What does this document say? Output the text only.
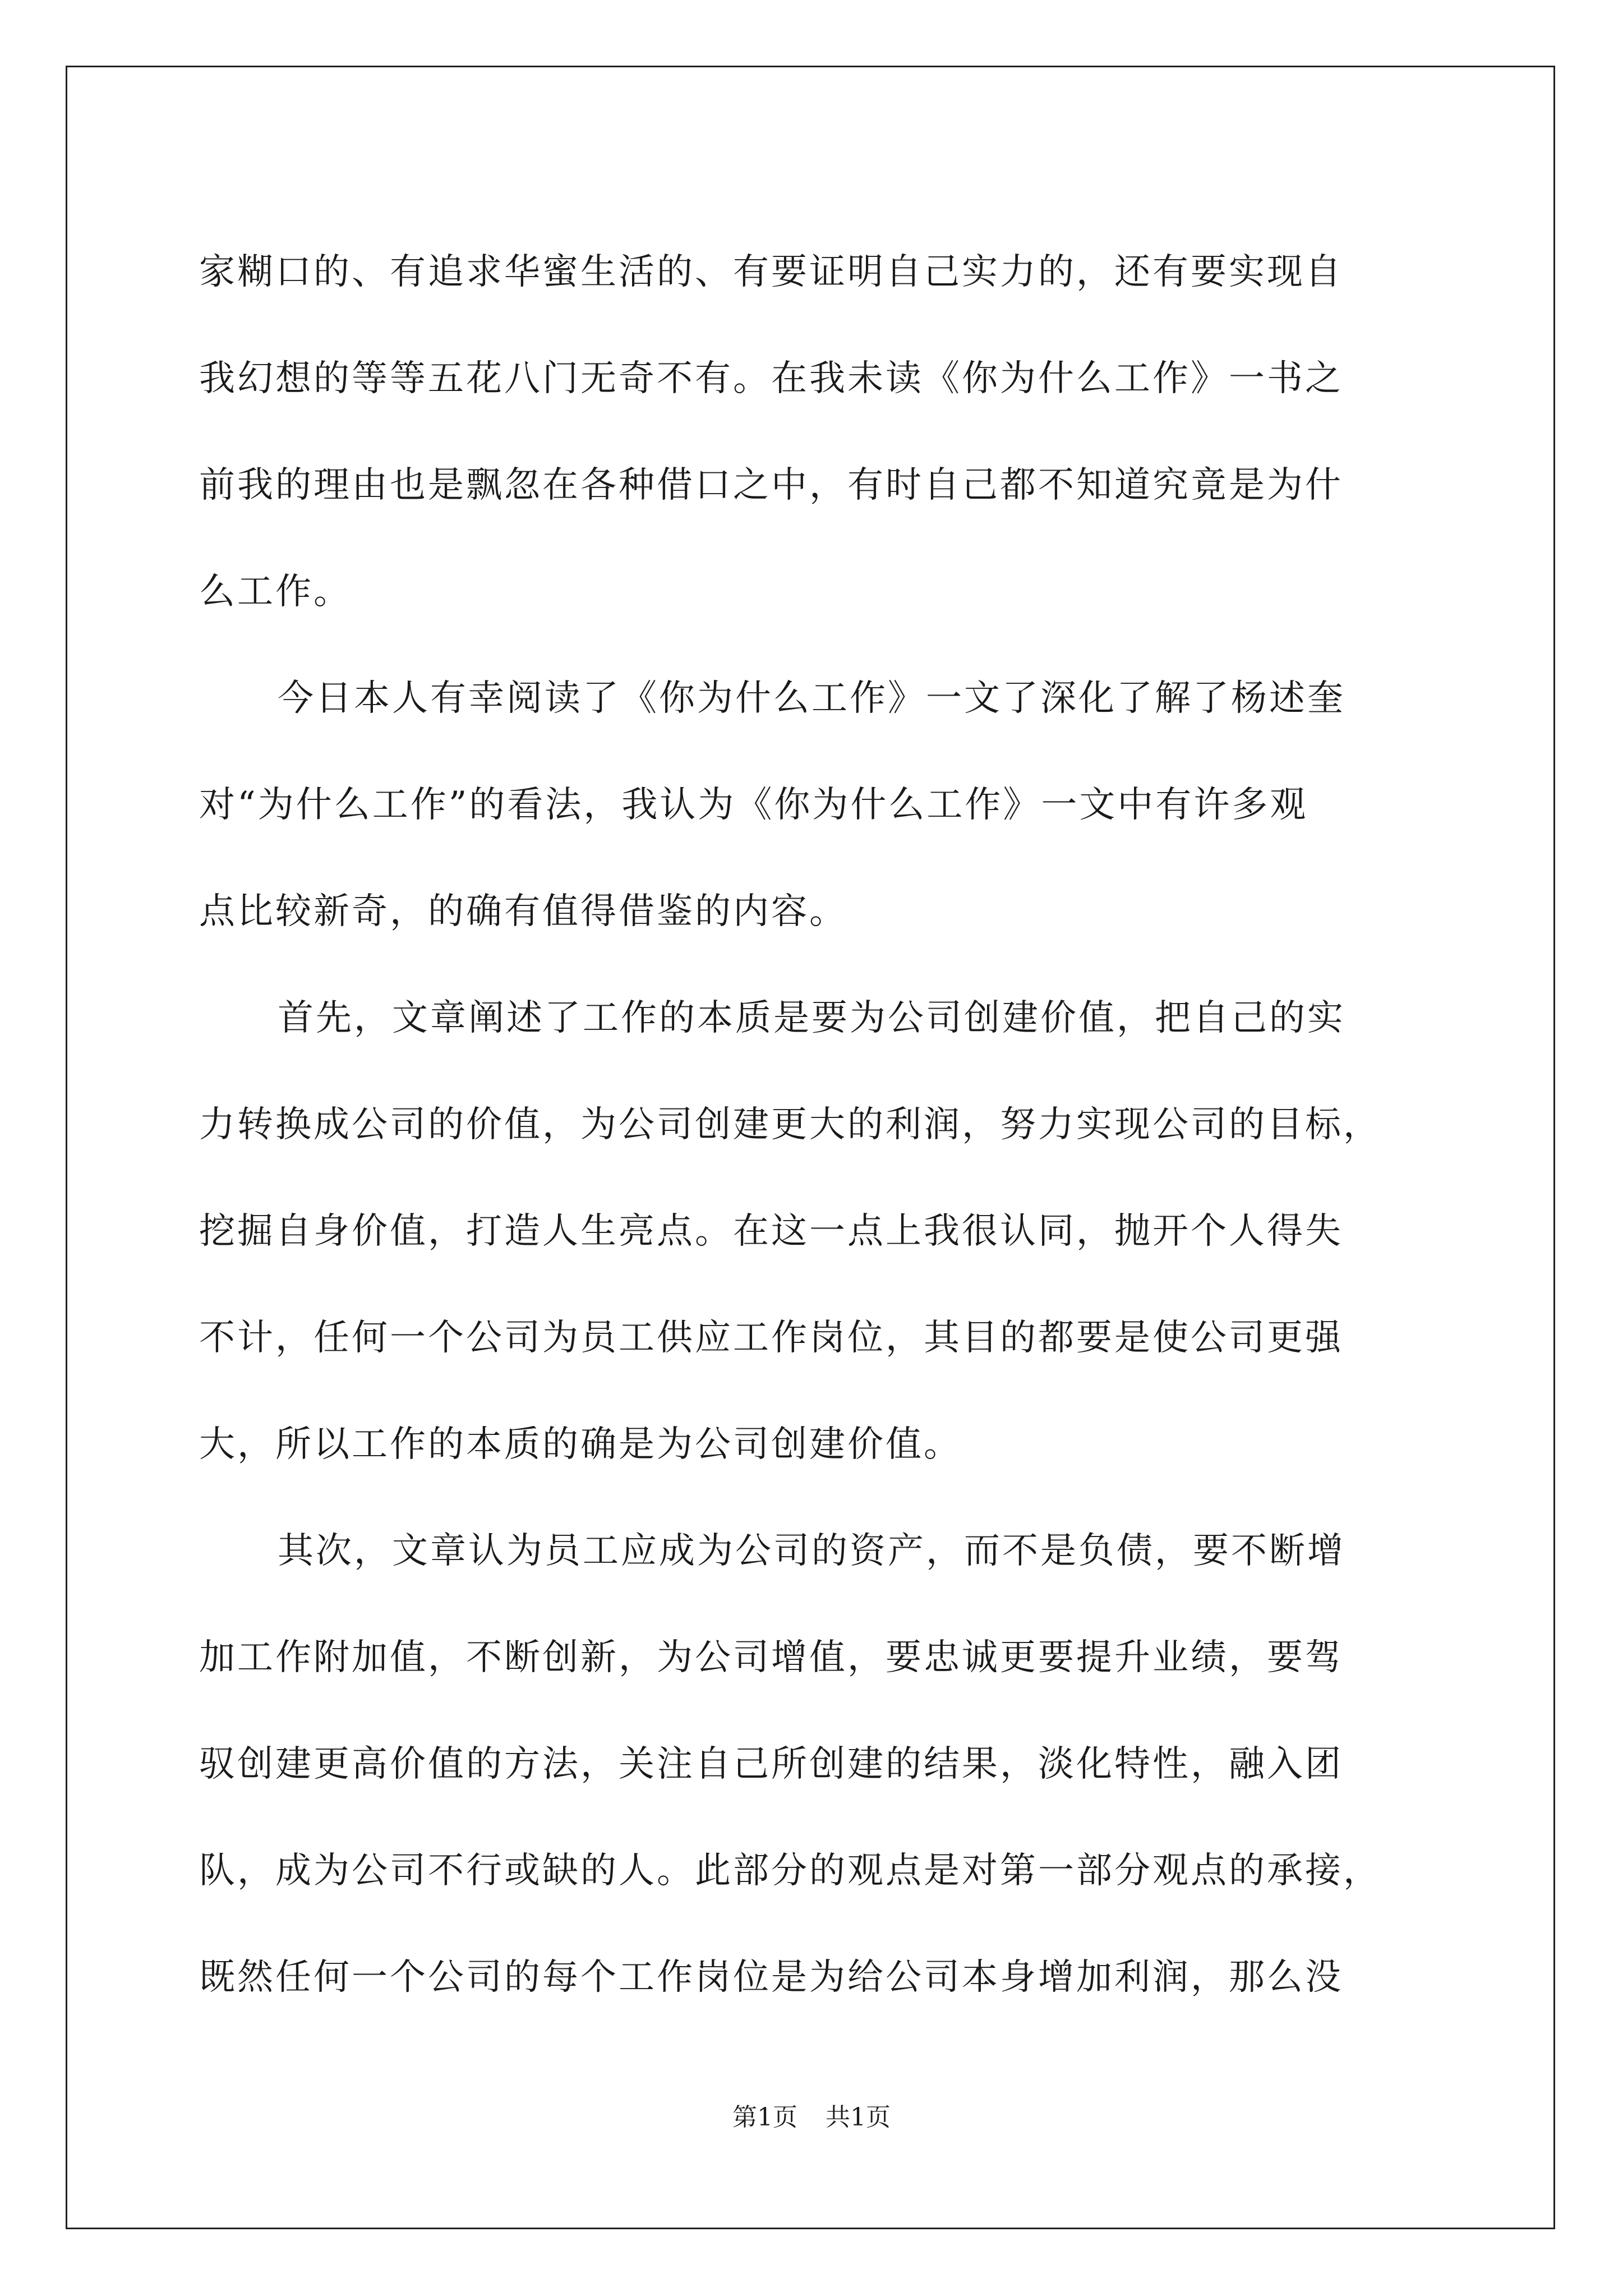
家糊口的、有追求华蜜生活的、有要证明自己实力的，还有要实现自
我幻想的等等五花八门无奇不有。在我未读《你为什么工作》一书之
前我的理由也是飘忽在各种借口之中，有时自己都不知道究竟是为什
么工作。
今日本人有幸阅读了《你为什么工作》一文了深化了解了杨述奎
对“为什么工作”的看法，我认为《你为什么工作》一文中有许多观
点比较新奇，的确有值得借鉴的内容。
首先，文章阐述了工作的本质是要为公司创建价值，把自己的实
力转换成公司的价值，为公司创建更大的利润，努力实现公司的目标，
挖掘自身价值，打造人生亮点。在这一点上我很认同，抛开个人得失
不计，任何一个公司为员工供应工作岗位，其目的都要是使公司更强
大，所以工作的本质的确是为公司创建价值。
其次，文章认为员工应成为公司的资产，而不是负债，要不断增
加工作附加值，不断创新，为公司增值，要忠诚更要提升业绩，要驾
驭创建更高价值的方法，关注自己所创建的结果，淡化特性，融入团
队，成为公司不行或缺的人。此部分的观点是对第一部分观点的承接，
既然任何一个公司的每个工作岗位是为给公司本身增加利润，那么没
第1页 共1页
